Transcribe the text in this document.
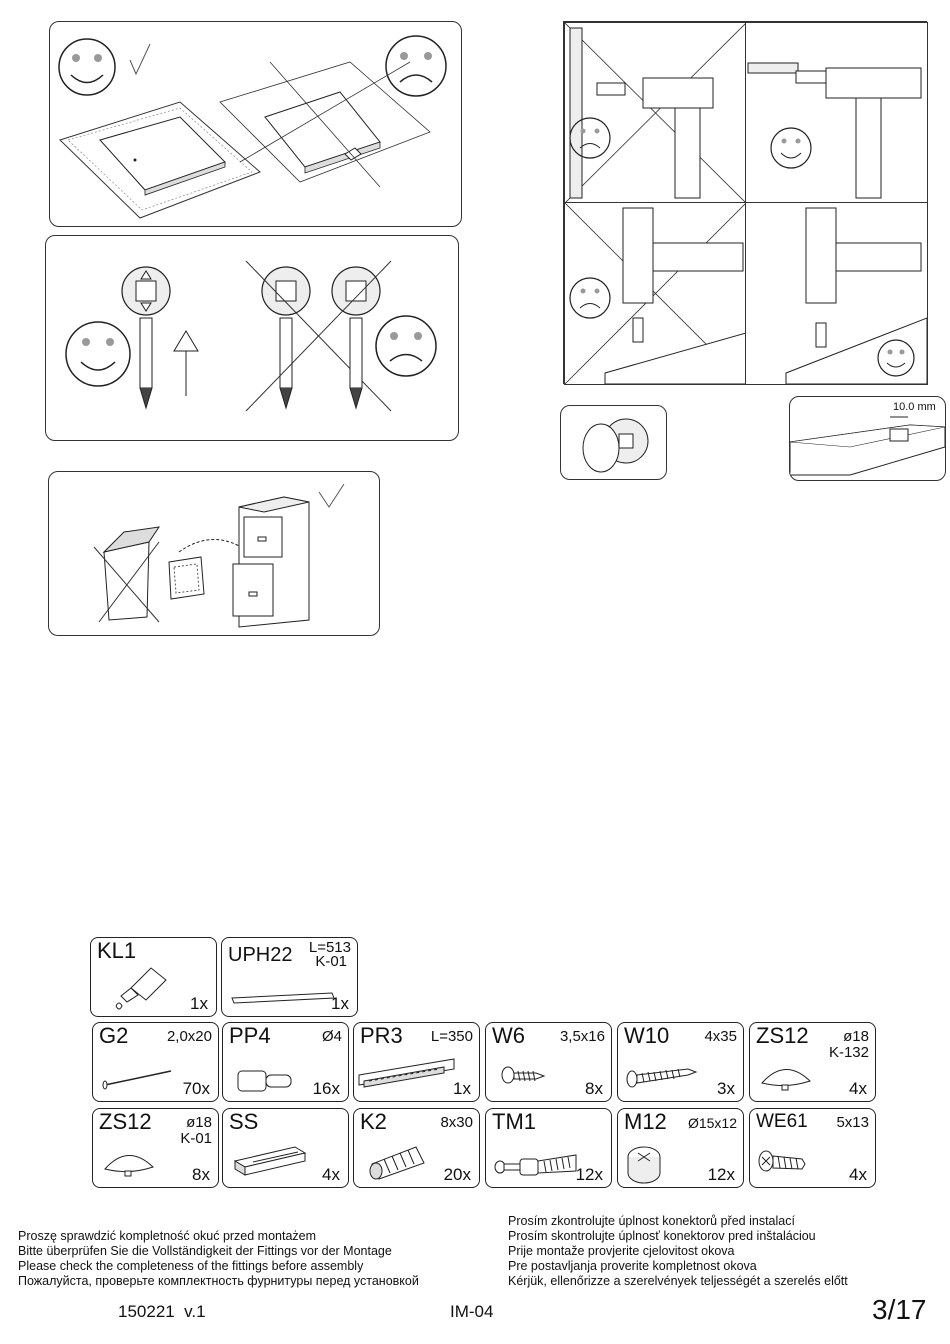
10.0 mm
KL1
1x
UPH22 L=513
K-01
1x
G2	2,0x20
70x
PP4	Ø4
16x
PR3 L=350
1x
W6 3,5x16
8x
W10 4x35
3x
ZS12 ø18
K-132
4x
ZS12 ø18
K-01
8x
SS
4x
K2	8x30
20x
TM1
12x
M12 Ø15x12
12x
WE61 5x13
4x
Proszę sprawdzić kompletność okuć przed montażem
Bitte überprüfen Sie die Vollständigkeit der Fittings vor der Montage
Please check the completeness of the fittings before assembly
Пожалуйста, проверьте комплектность фурнитуры перед установкой
Prosím zkontrolujte úplnost konektorů před instalací
Prosím skontrolujte úplnosť konektorov pred inštaláciou
Prije montaže provjerite cjelovitost okova
Pre postavljanja proverite kompletnost okova
Kérjük, ellenőrizze a szerelvények teljességét a szerelés előtt
150221  v.1	IM-04	3/17
